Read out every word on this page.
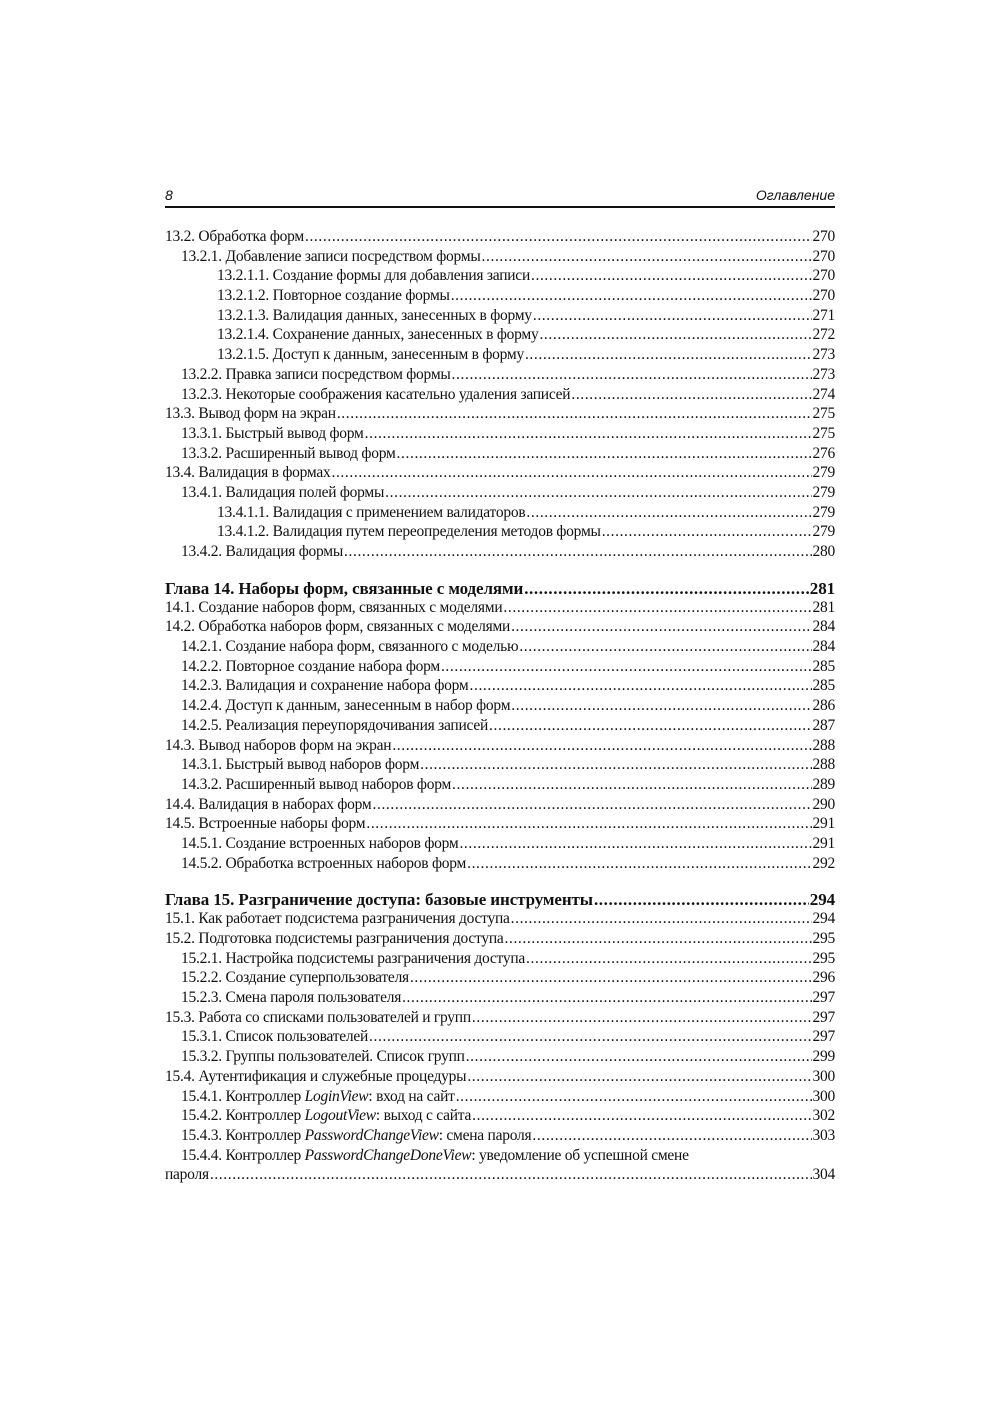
8	Оглавление
13.2. Обработка форм .....	270
13.2.1. Добавление записи посредством формы .....	270
13.2.1.1. Создание формы для добавления записи .....	270
13.2.1.2. Повторное создание формы .....	270
13.2.1.3. Валидация данных, занесенных в форму .....	271
13.2.1.4. Сохранение данных, занесенных в форму .....	272
13.2.1.5. Доступ к данным, занесенным в форму .....	273
13.2.2. Правка записи посредством формы .....	273
13.2.3. Некоторые соображения касательно удаления записей .....	274
13.3. Вывод форм на экран .....	275
13.3.1. Быстрый вывод форм .....	275
13.3.2. Расширенный вывод форм .....	276
13.4. Валидация в формах .....	279
13.4.1. Валидация полей формы .....	279
13.4.1.1. Валидация с применением валидаторов .....	279
13.4.1.2. Валидация путем переопределения методов формы .....	279
13.4.2. Валидация формы .....	280
Глава 14. Наборы форм, связанные с моделями .....	281
14.1. Создание наборов форм, связанных с моделями .....	281
14.2. Обработка наборов форм, связанных с моделями .....	284
14.2.1. Создание набора форм, связанного с моделью .....	284
14.2.2. Повторное создание набора форм .....	285
14.2.3. Валидация и сохранение набора форм .....	285
14.2.4. Доступ к данным, занесенным в набор форм .....	286
14.2.5. Реализация переупорядочивания записей .....	287
14.3. Вывод наборов форм на экран .....	288
14.3.1. Быстрый вывод наборов форм .....	288
14.3.2. Расширенный вывод наборов форм .....	289
14.4. Валидация в наборах форм .....	290
14.5. Встроенные наборы форм .....	291
14.5.1. Создание встроенных наборов форм .....	291
14.5.2. Обработка встроенных наборов форм .....	292
Глава 15. Разграничение доступа: базовые инструменты .....	294
15.1. Как работает подсистема разграничения доступа .....	294
15.2. Подготовка подсистемы разграничения доступа .....	295
15.2.1. Настройка подсистемы разграничения доступа .....	295
15.2.2. Создание суперпользователя .....	296
15.2.3. Смена пароля пользователя .....	297
15.3. Работа со списками пользователей и групп .....	297
15.3.1. Список пользователей .....	297
15.3.2. Группы пользователей. Список групп .....	299
15.4. Аутентификация и служебные процедуры .....	300
15.4.1. Контроллер LoginView: вход на сайт .....	300
15.4.2. Контроллер LogoutView: выход с сайта .....	302
15.4.3. Контроллер PasswordChangeView: смена пароля .....	303
15.4.4. Контроллер PasswordChangeDoneView: уведомление об успешной смене
пароля .....	304
